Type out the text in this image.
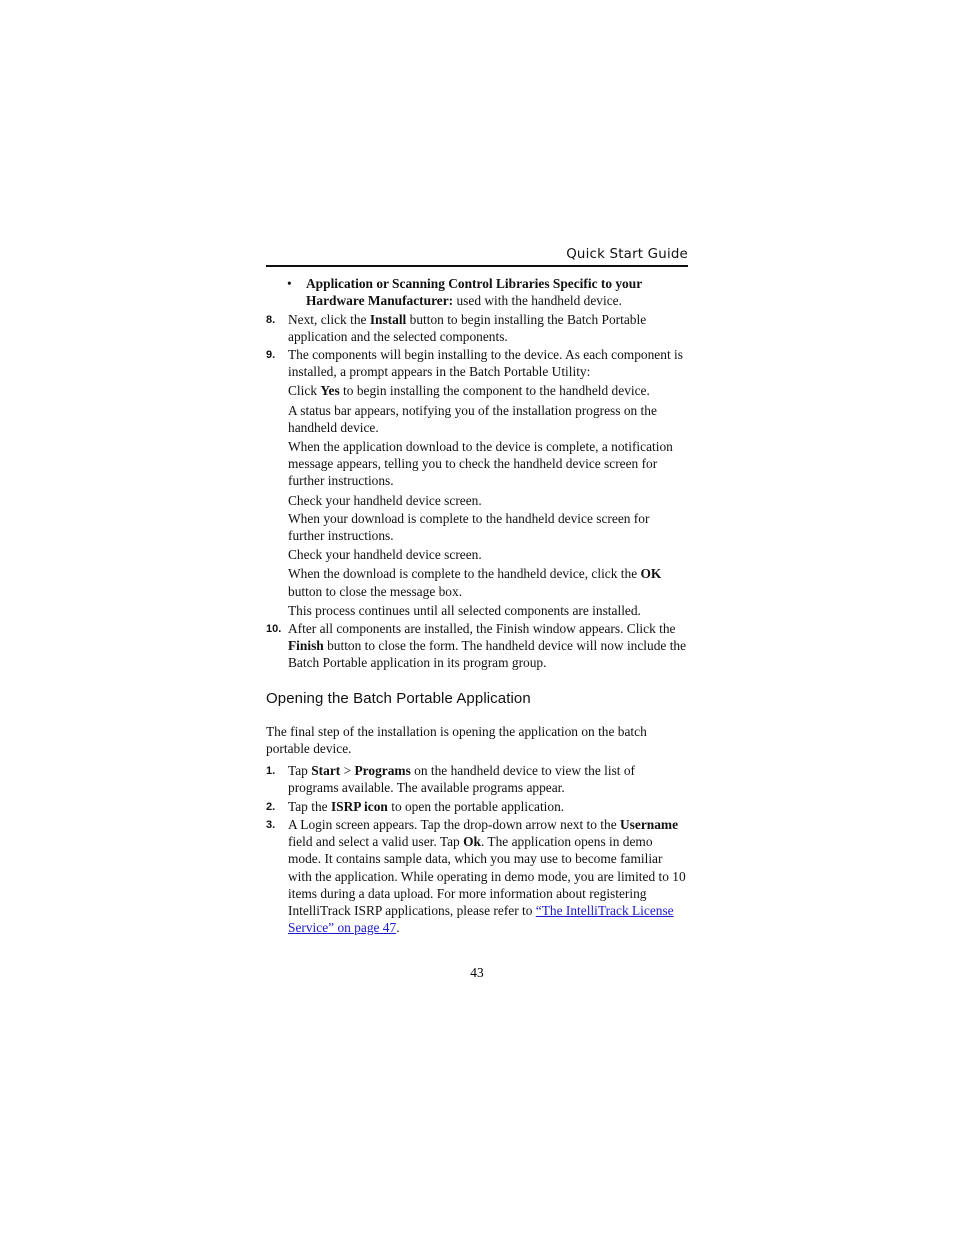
Quick Start Guide
• Application or Scanning Control Libraries Specific to your Hardware Manufacturer: used with the handheld device.
8. Next, click the Install button to begin installing the Batch Portable application and the selected components.
9. The components will begin installing to the device. As each component is installed, a prompt appears in the Batch Portable Utility:
Click Yes to begin installing the component to the handheld device.
A status bar appears, notifying you of the installation progress on the handheld device.
When the application download to the device is complete, a notification message appears, telling you to check the handheld device screen for further instructions.
Check your handheld device screen.
When your download is complete to the handheld device screen for further instructions.
Check your handheld device screen.
When the download is complete to the handheld device, click the OK button to close the message box.
This process continues until all selected components are installed.
10. After all components are installed, the Finish window appears. Click the Finish button to close the form. The handheld device will now include the Batch Portable application in its program group.
Opening the Batch Portable Application
The final step of the installation is opening the application on the batch portable device.
1. Tap Start > Programs on the handheld device to view the list of programs available. The available programs appear.
2. Tap the ISRP icon to open the portable application.
3. A Login screen appears. Tap the drop-down arrow next to the Username field and select a valid user. Tap Ok. The application opens in demo mode. It contains sample data, which you may use to become familiar with the application. While operating in demo mode, you are limited to 10 items during a data upload. For more information about registering IntelliTrack ISRP applications, please refer to “The IntelliTrack License Service” on page 47.
43
